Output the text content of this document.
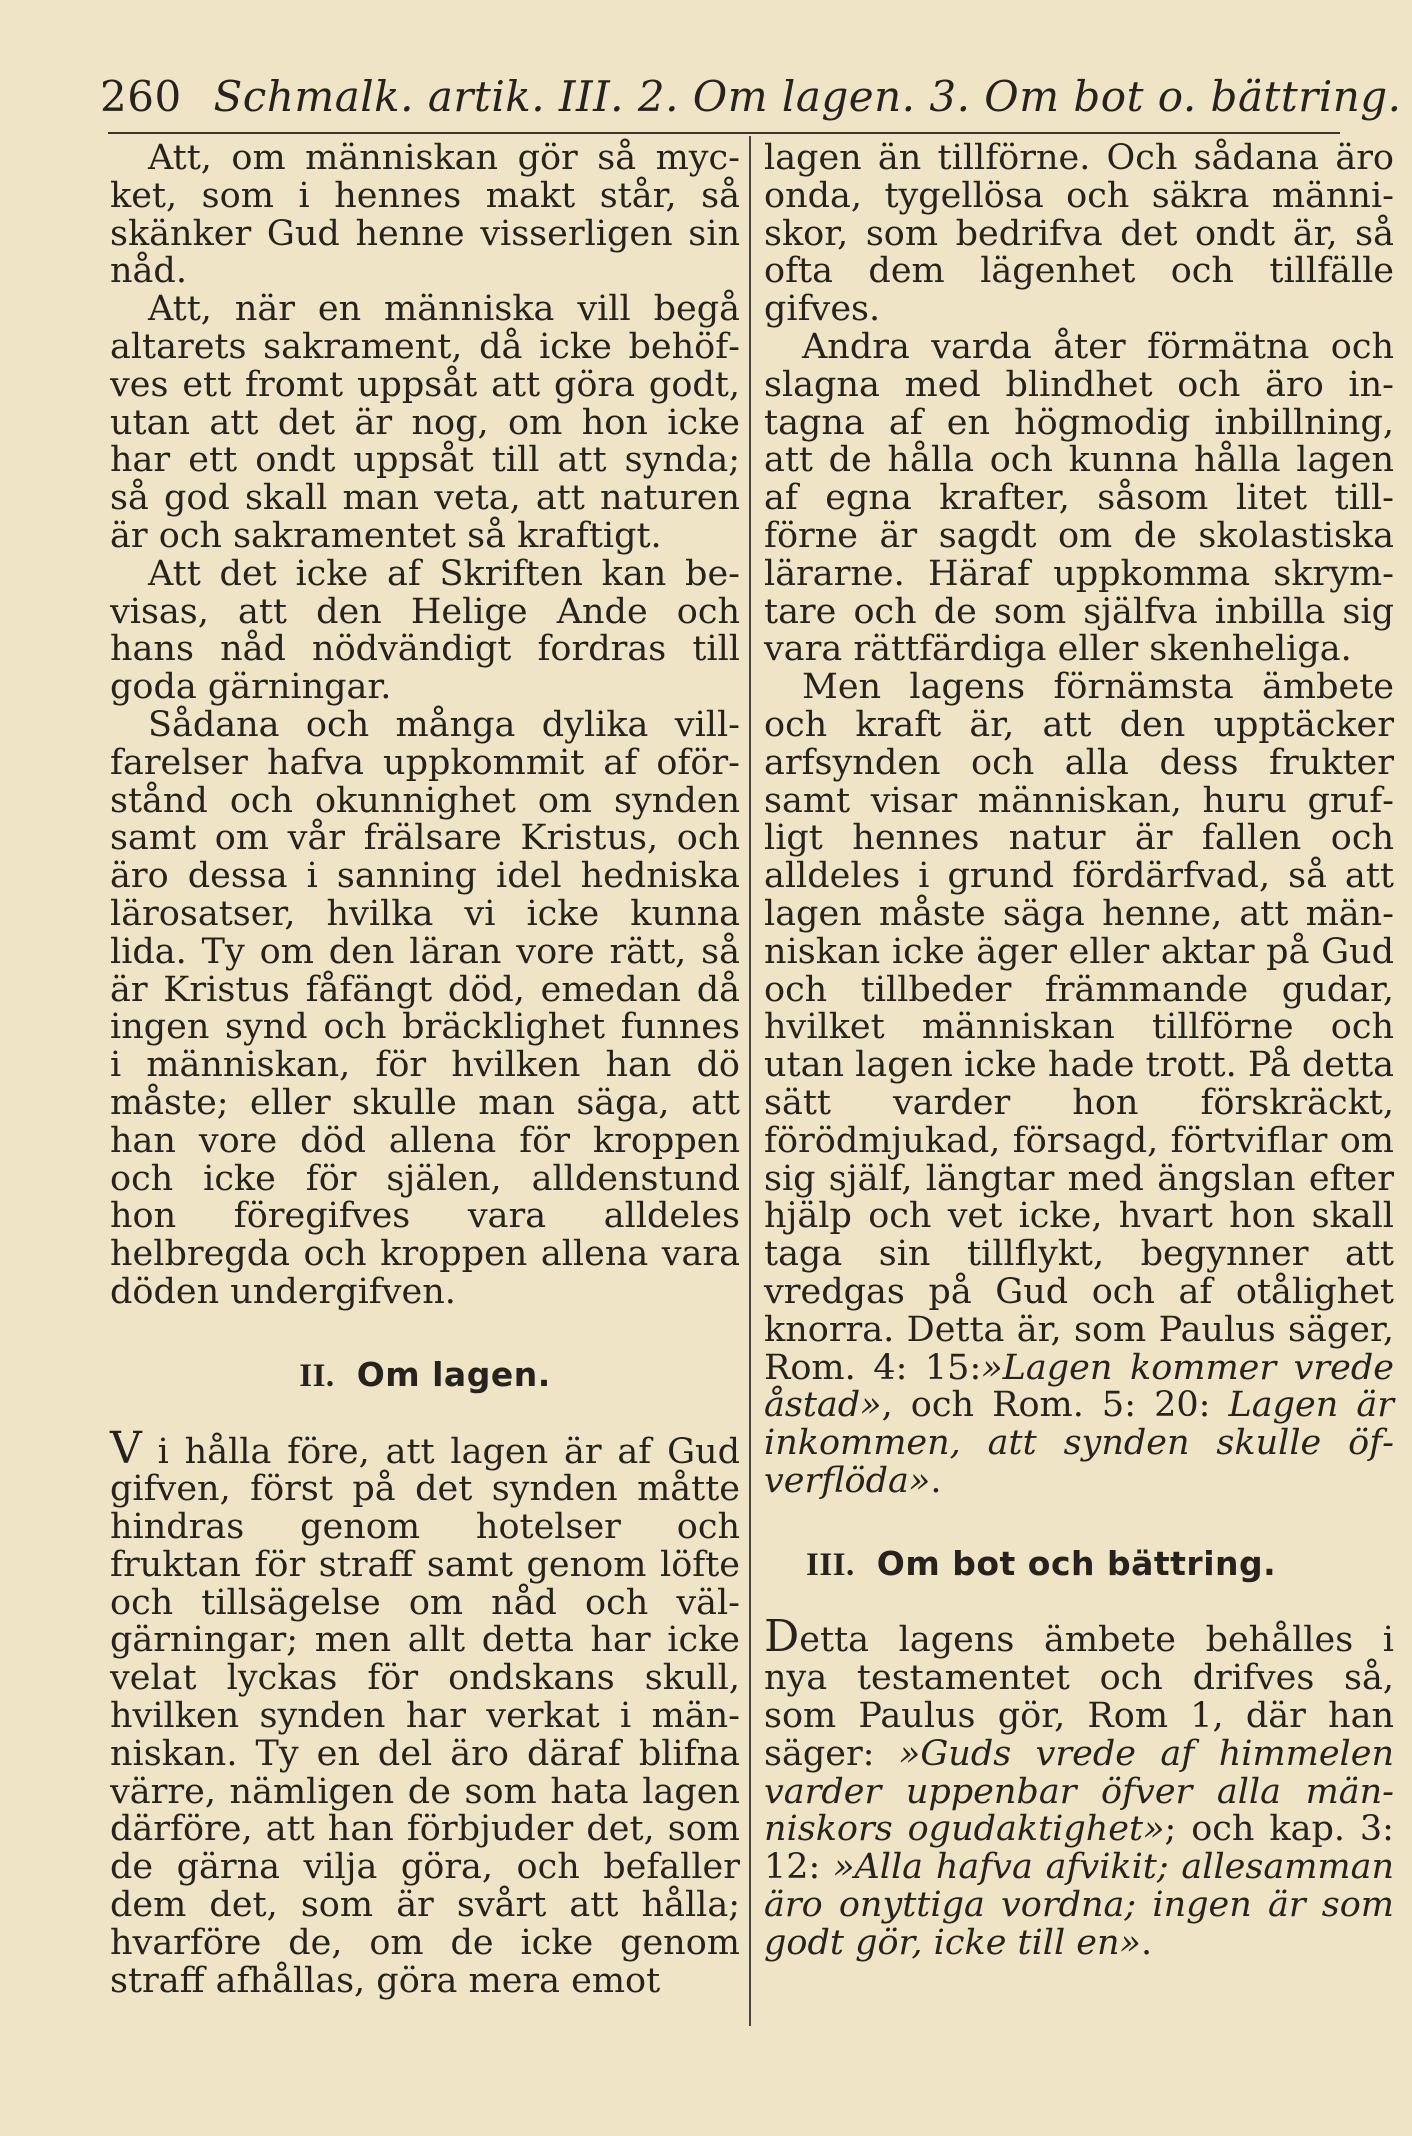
260 Schmalk. artik. III. 2. Om lagen. 3. Om bot o. bättring.

Att, om människan gör så mycket, som i hennes makt står, så skänker Gud henne visserligen sin nåd.

Att, när en människa vill begå altarets sakrament, då icke behöfves ett fromt uppsåt att göra godt, utan att det är nog, om hon icke har ett ondt uppsåt till att synda; så god skall man veta, att naturen är och sakramentet så kraftigt.

Att det icke af Skriften kan bevisas, att den Helige Ande och hans nåd nödvändigt fordras till goda gärningar.

Sådana och många dylika villfarelser hafva uppkommit af oförstånd och okunnighet om synden samt om vår frälsare Kristus, och äro dessa i sanning idel hedniska lärosatser, hvilka vi icke kunna lida. Ty om den läran vore rätt, så är Kristus fåfängt död, emedan då ingen synd och bräcklighet funnes i människan, för hvilken han dö måste; eller skulle man säga, att han vore död allena för kroppen och icke för själen, alldenstund hon föregifves vara alldeles helbregda och kroppen allena vara döden undergifven.

II. Om lagen.

V i hålla före, att lagen är af Gud gifven, först på det synden måtte hindras genom hotelser och fruktan för straff samt genom löfte och tillsägelse om nåd och välgärningar; men allt detta har icke velat lyckas för ondskans skull, hvilken synden har verkat i människan. Ty en del äro däraf blifna värre, nämligen de som hata lagen därföre, att han förbjuder det, som de gärna vilja göra, och befaller dem det, som är svårt att hålla; hvarföre de, om de icke genom straff afhållas, göra mera emot

lagen än tillförne. Och sådana äro onda, tygellösa och säkra människor, som bedrifva det ondt är, så ofta dem lägenhet och tillfälle gifves.

Andra varda åter förmätna och slagna med blindhet och äro intagna af en högmodig inbillning, att de hålla och kunna hålla lagen af egna krafter, såsom litet tillförne är sagdt om de skolastiska lärarne. Häraf uppkomma skrymtare och de som själfva inbilla sig vara rättfärdiga eller skenheliga.

Men lagens förnämsta ämbete och kraft är, att den upptäcker arfsynden och alla dess frukter samt visar människan, huru grufligt hennes natur är fallen och alldeles i grund fördärfvad, så att lagen måste säga henne, att människan icke äger eller aktar på Gud och tillbeder främmande gudar, hvilket människan tillförne och utan lagen icke hade trott. På detta sätt varder hon förskräckt, förödmjukad, försagd, förtviflar om sig själf, längtar med ängslan efter hjälp och vet icke, hvart hon skall taga sin tillflykt, begynner att vredgas på Gud och af otålighet knorra. Detta är, som Paulus säger, Rom. 4: 15:»Lagen kommer vrede åstad», och Rom. 5: 20: Lagen är inkommen, att synden skulle öfverflöda».

III. Om bot och bättring.

Detta lagens ämbete behålles i nya testamentet och drifves så, som Paulus gör, Rom 1, där han säger: »Guds vrede af himmelen varder uppenbar öfver alla människors ogudaktighet»; och kap. 3: 12: »Alla hafva afvikit; allesamman äro onyttiga vordna; ingen är som godt gör, icke till en».
